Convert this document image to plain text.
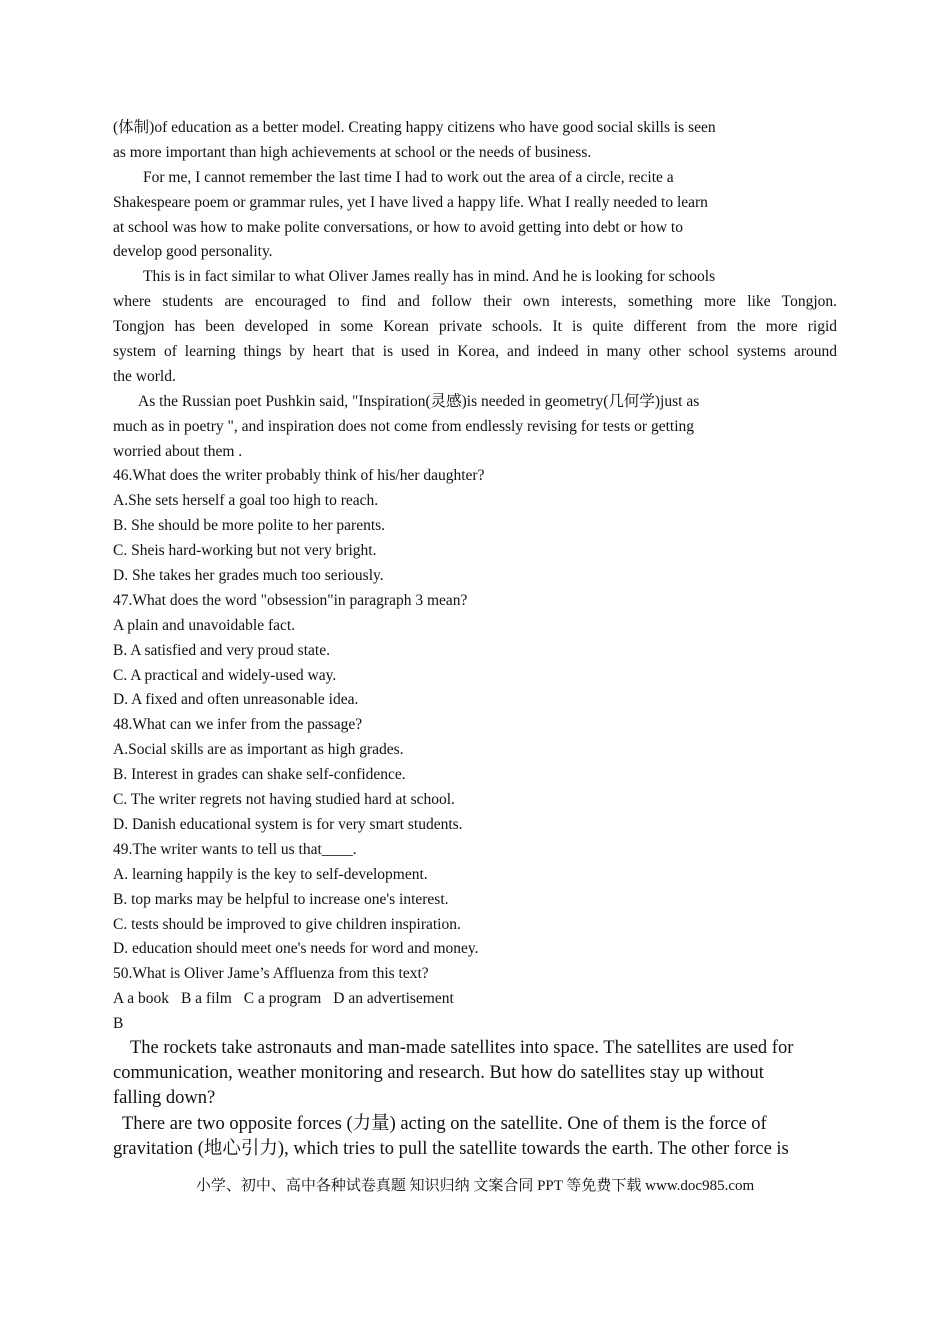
(体制)of education as a better model. Creating happy citizens who have good social skills is seen
as more important than high achievements at school or the needs of business.
For me, I cannot remember the last time I had to work out the area of a circle, recite a
Shakespeare poem or grammar rules, yet I have lived a happy life. What I really needed to learn
at school was how to make polite conversations, or how to avoid getting into debt or how to
develop good personality.
This is in fact similar to what Oliver James really has in mind. And he is looking for schools
where students are encouraged to find and follow their own interests, something more like Tongjon.
Tongjon has been developed in some Korean private schools. It is quite different from the more rigid
system of learning things by heart that is used in Korea, and indeed in many other school systems around
the world.
As the Russian poet Pushkin said, "Inspiration(灵感)is needed in geometry(几何学)just as
much as in poetry ", and inspiration does not come from endlessly revising for tests or getting
worried about them .
46.What does the writer probably think of his/her daughter?
A.She sets herself a goal too high to reach.
B. She should be more polite to her parents.
C. Sheis hard-working but not very bright.
D. She takes her grades much too seriously.
47.What does the word "obsession"in paragraph 3 mean?
A plain and unavoidable fact.
B. A satisfied and very proud state.
C. A practical and widely-used way.
D. A fixed and often unreasonable idea.
48.What can we infer from the passage?
A.Social skills are as important as high grades.
B. Interest in grades can shake self-confidence.
C. The writer regrets not having studied hard at school.
D. Danish educational system is for very smart students.
49.The writer wants to tell us that____.
A. learning happily is the key to self-development.
B. top marks may be helpful to increase one's interest.
C. tests should be improved to give children inspiration.
D. education should meet one's needs for word and money.
50.What is Oliver Jame’s Affluenza from this text?
A a book B a film C a program D an advertisement
B
The rockets take astronauts and man-made satellites into space. The satellites are used for
communication, weather monitoring and research. But how do satellites stay up without
falling down?
There are two opposite forces (力量) acting on the satellite. One of them is the force of
gravitation (地心引力), which tries to pull the satellite towards the earth. The other force is
小学、初中、高中各种试卷真题 知识归纳 文案合同 PPT 等免费下载 www.doc985.com
